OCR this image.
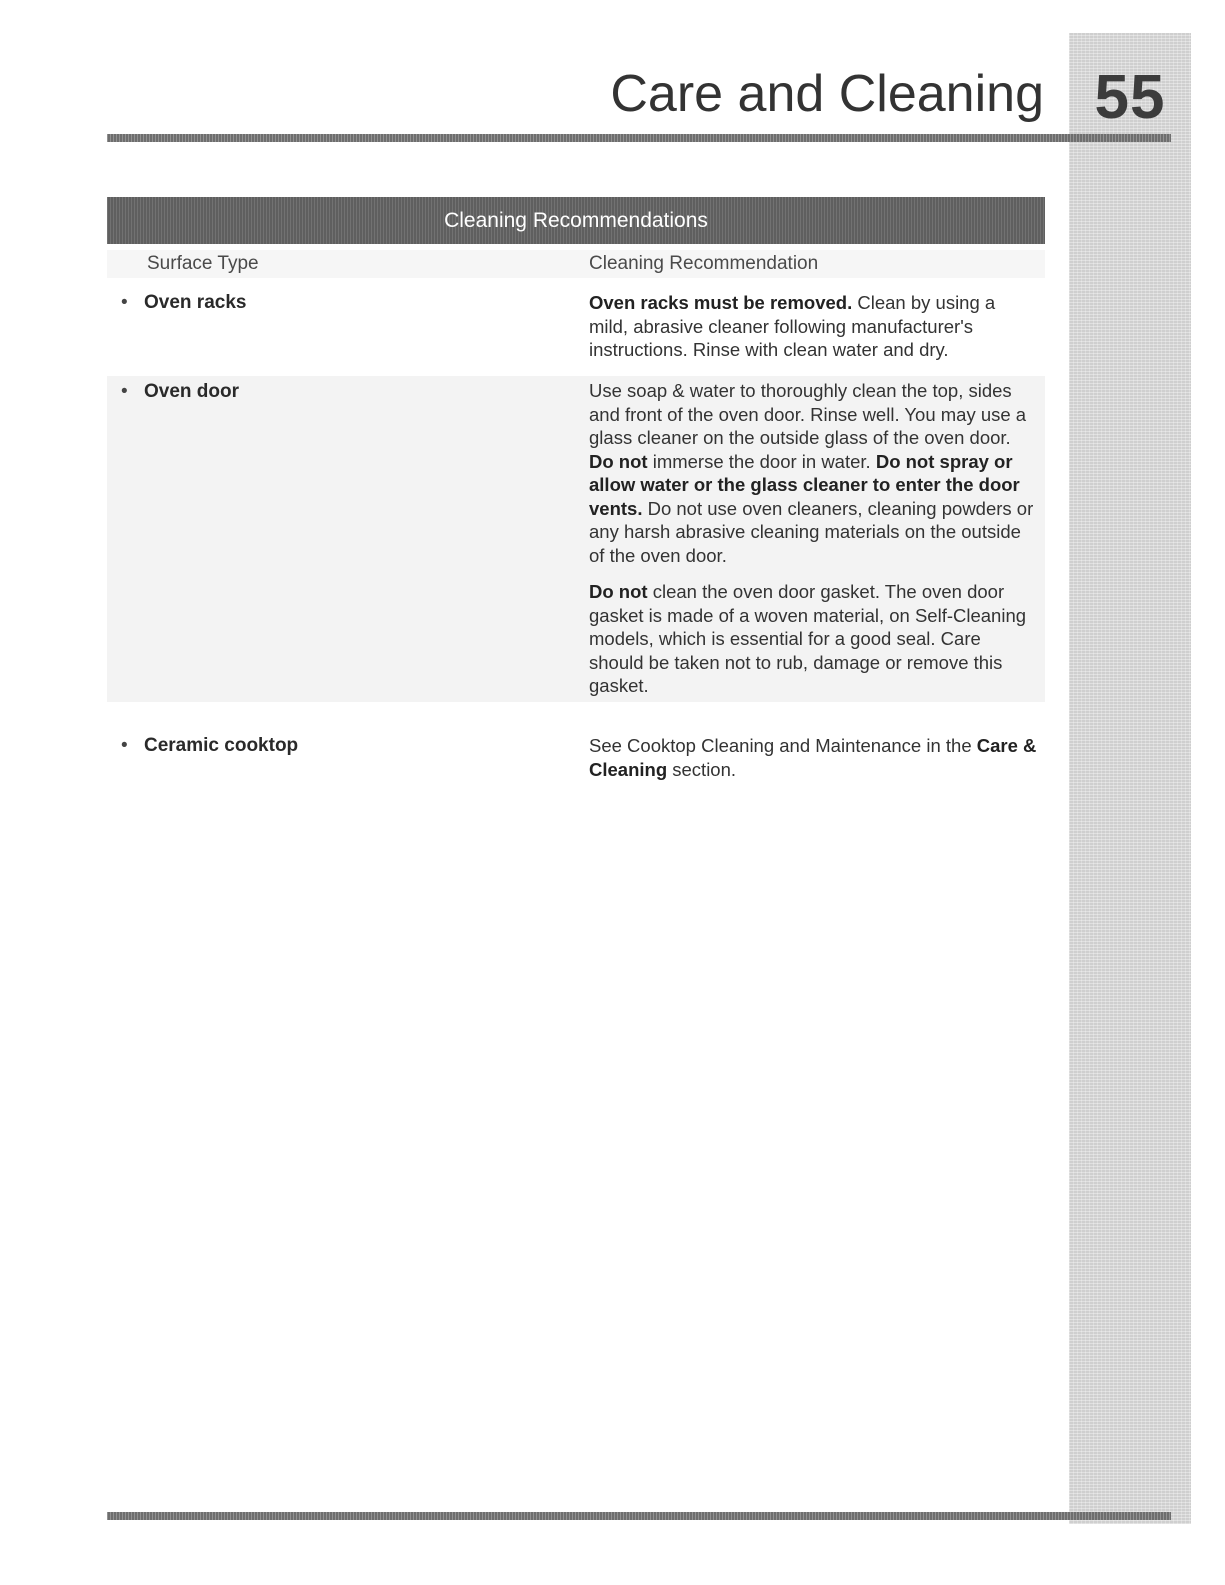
55
Care and Cleaning
Cleaning Recommendations
Surface Type	Cleaning Recommendation
• Oven racks	Oven racks must be removed. Clean by using a mild, abrasive cleaner following manufacturer's instructions. Rinse with clean water and dry.

• Oven door	Use soap & water to thoroughly clean the top, sides and front of the oven door. Rinse well. You may use a glass cleaner on the outside glass of the oven door. Do not immerse the door in water. Do not spray or allow water or the glass cleaner to enter the door vents. Do not use oven cleaners, cleaning powders or any harsh abrasive cleaning materials on the outside of the oven door.

Do not clean the oven door gasket. The oven door gasket is made of a woven material, on Self-Cleaning models, which is essential for a good seal. Care should be taken not to rub, damage or remove this gasket.

• Ceramic cooktop	See Cooktop Cleaning and Maintenance in the Care & Cleaning section.
